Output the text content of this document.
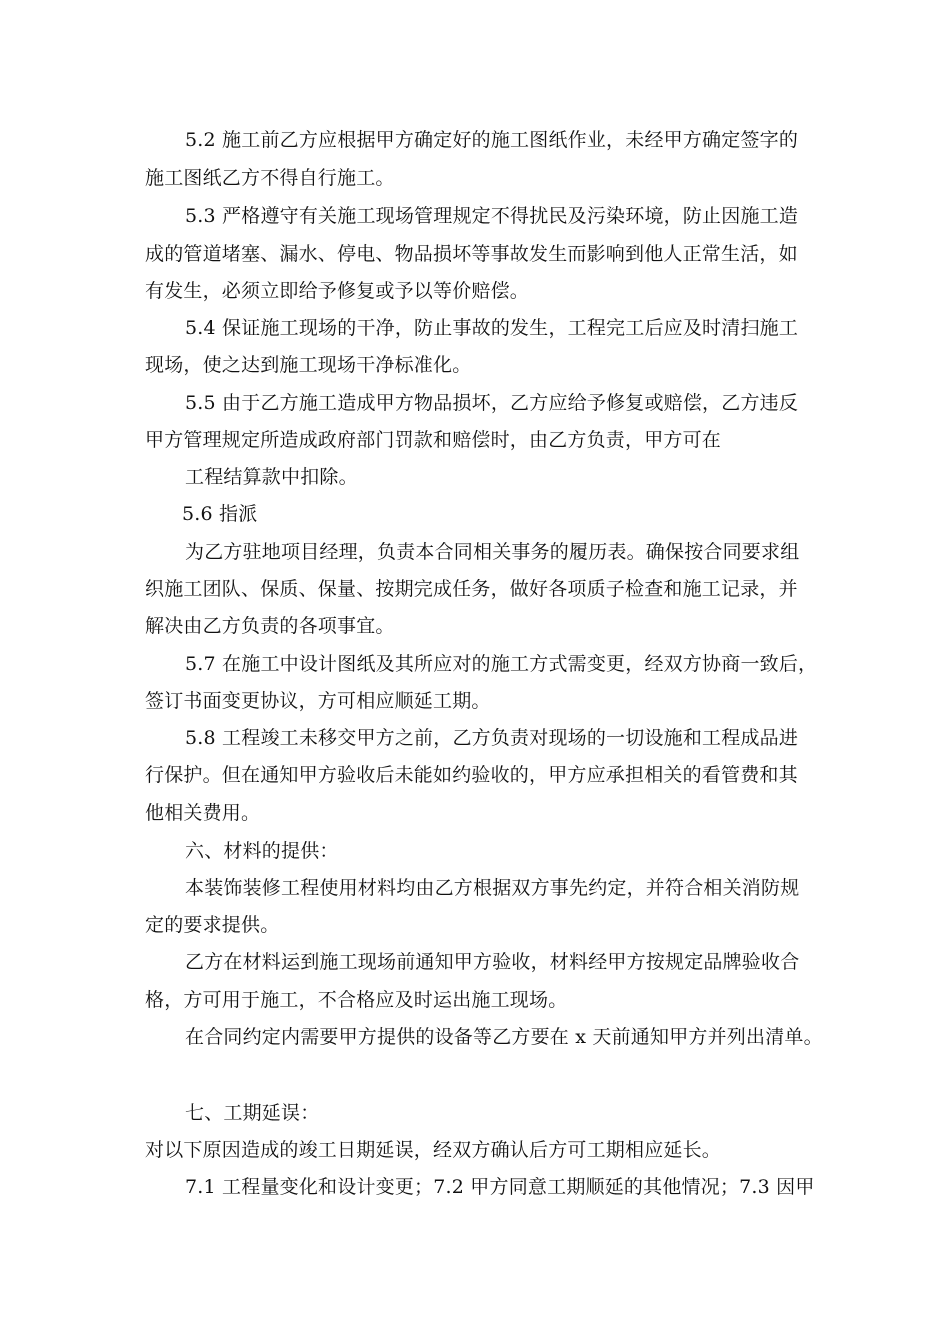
5.2 施工前乙方应根据甲方确定好的施工图纸作业，未经甲方确定签字的
施工图纸乙方不得自行施工。
5.3 严格遵守有关施工现场管理规定不得扰民及污染环境，防止因施工造
成的管道堵塞、漏水、停电、物品损坏等事故发生而影响到他人正常生活，如
有发生，必须立即给予修复或予以等价赔偿。
5.4 保证施工现场的干净，防止事故的发生，工程完工后应及时清扫施工
现场，使之达到施工现场干净标准化。
5.5 由于乙方施工造成甲方物品损坏，乙方应给予修复或赔偿，乙方违反
甲方管理规定所造成政府部门罚款和赔偿时，由乙方负责，甲方可在
工程结算款中扣除。
5.6 指派
为乙方驻地项目经理，负责本合同相关事务的履历表。确保按合同要求组
织施工团队、保质、保量、按期完成任务，做好各项质子检查和施工记录，并
解决由乙方负责的各项事宜。
5.7 在施工中设计图纸及其所应对的施工方式需变更，经双方协商一致后，
签订书面变更协议，方可相应顺延工期。
5.8 工程竣工未移交甲方之前，乙方负责对现场的一切设施和工程成品进
行保护。但在通知甲方验收后未能如约验收的，甲方应承担相关的看管费和其
他相关费用。
六、材料的提供：
本装饰装修工程使用材料均由乙方根据双方事先约定，并符合相关消防规
定的要求提供。
乙方在材料运到施工现场前通知甲方验收，材料经甲方按规定品牌验收合
格，方可用于施工，不合格应及时运出施工现场。
在合同约定内需要甲方提供的设备等乙方要在 x 天前通知甲方并列出清单。
七、工期延误：
对以下原因造成的竣工日期延误，经双方确认后方可工期相应延长。
7.1 工程量变化和设计变更；7.2 甲方同意工期顺延的其他情况；7.3 因甲
